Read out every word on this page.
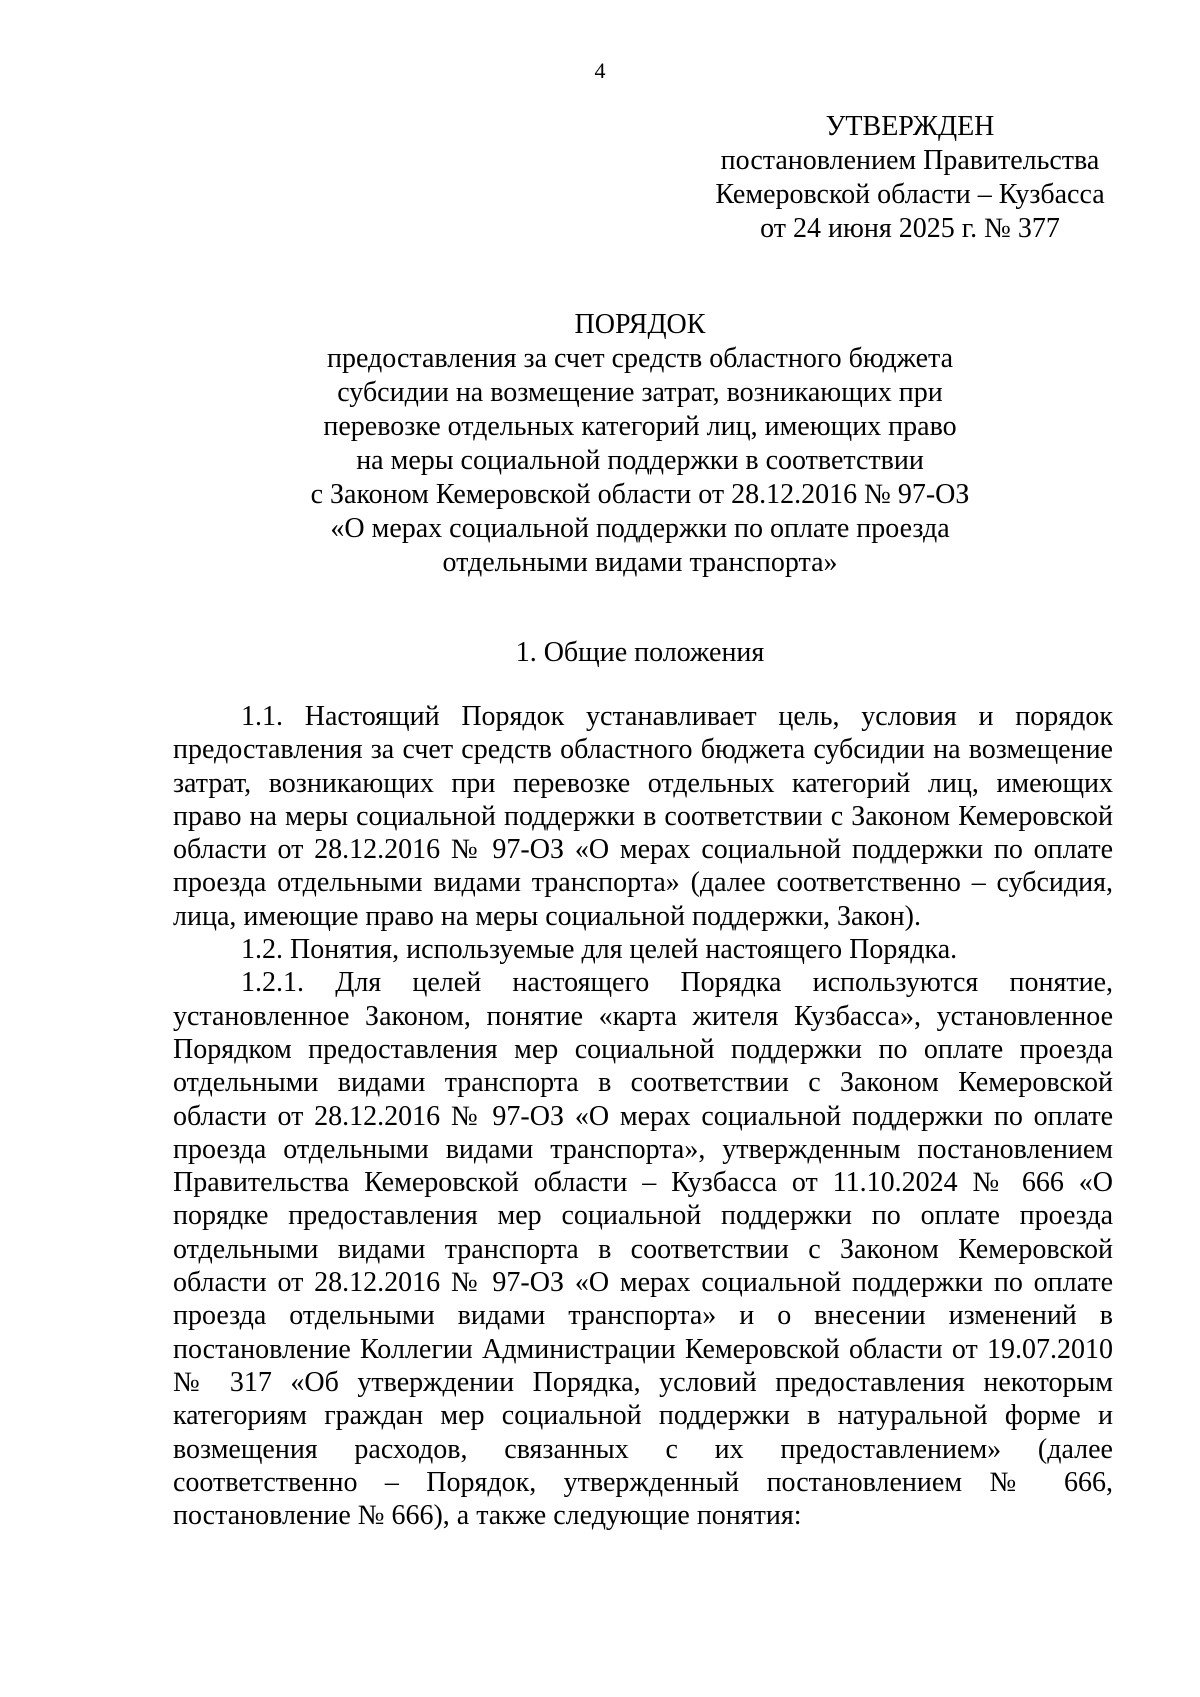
4
УТВЕРЖДЕН
постановлением Правительства
Кемеровской области – Кузбасса
от 24 июня 2025 г. № 377
ПОРЯДОК
предоставления за счет средств областного бюджета
субсидии на возмещение затрат, возникающих при
перевозке отдельных категорий лиц, имеющих право
на меры социальной поддержки в соответствии
с Законом Кемеровской области от 28.12.2016 № 97-ОЗ
«О мерах социальной поддержки по оплате проезда
отдельными видами транспорта»
1. Общие положения

1.1. Настоящий Порядок устанавливает цель, условия и порядок предоставления за счет средств областного бюджета субсидии на возмещение затрат, возникающих при перевозке отдельных категорий лиц, имеющих право на меры социальной поддержки в соответствии с Законом Кемеровской области от 28.12.2016 № 97-ОЗ «О мерах социальной поддержки по оплате проезда отдельными видами транспорта» (далее соответственно – субсидия, лица, имеющие право на меры социальной поддержки, Закон).

1.2. Понятия, используемые для целей настоящего Порядка.

1.2.1. Для целей настоящего Порядка используются понятие, установленное Законом, понятие «карта жителя Кузбасса», установленное Порядком предоставления мер социальной поддержки по оплате проезда отдельными видами транспорта в соответствии с Законом Кемеровской области от 28.12.2016 № 97-ОЗ «О мерах социальной поддержки по оплате проезда отдельными видами транспорта», утвержденным постановлением Правительства Кемеровской области – Кузбасса от 11.10.2024 № 666 «О порядке предоставления мер социальной поддержки по оплате проезда отдельными видами транспорта в соответствии с Законом Кемеровской области от 28.12.2016 № 97-ОЗ «О мерах социальной поддержки по оплате проезда отдельными видами транспорта» и о внесении изменений в постановление Коллегии Администрации Кемеровской области от 19.07.2010 № 317 «Об утверждении Порядка, условий предоставления некоторым категориям граждан мер социальной поддержки в натуральной форме и возмещения расходов, связанных с их предоставлением» (далее соответственно – Порядок, утвержденный постановлением № 666, постановление № 666), а также следующие понятия:
